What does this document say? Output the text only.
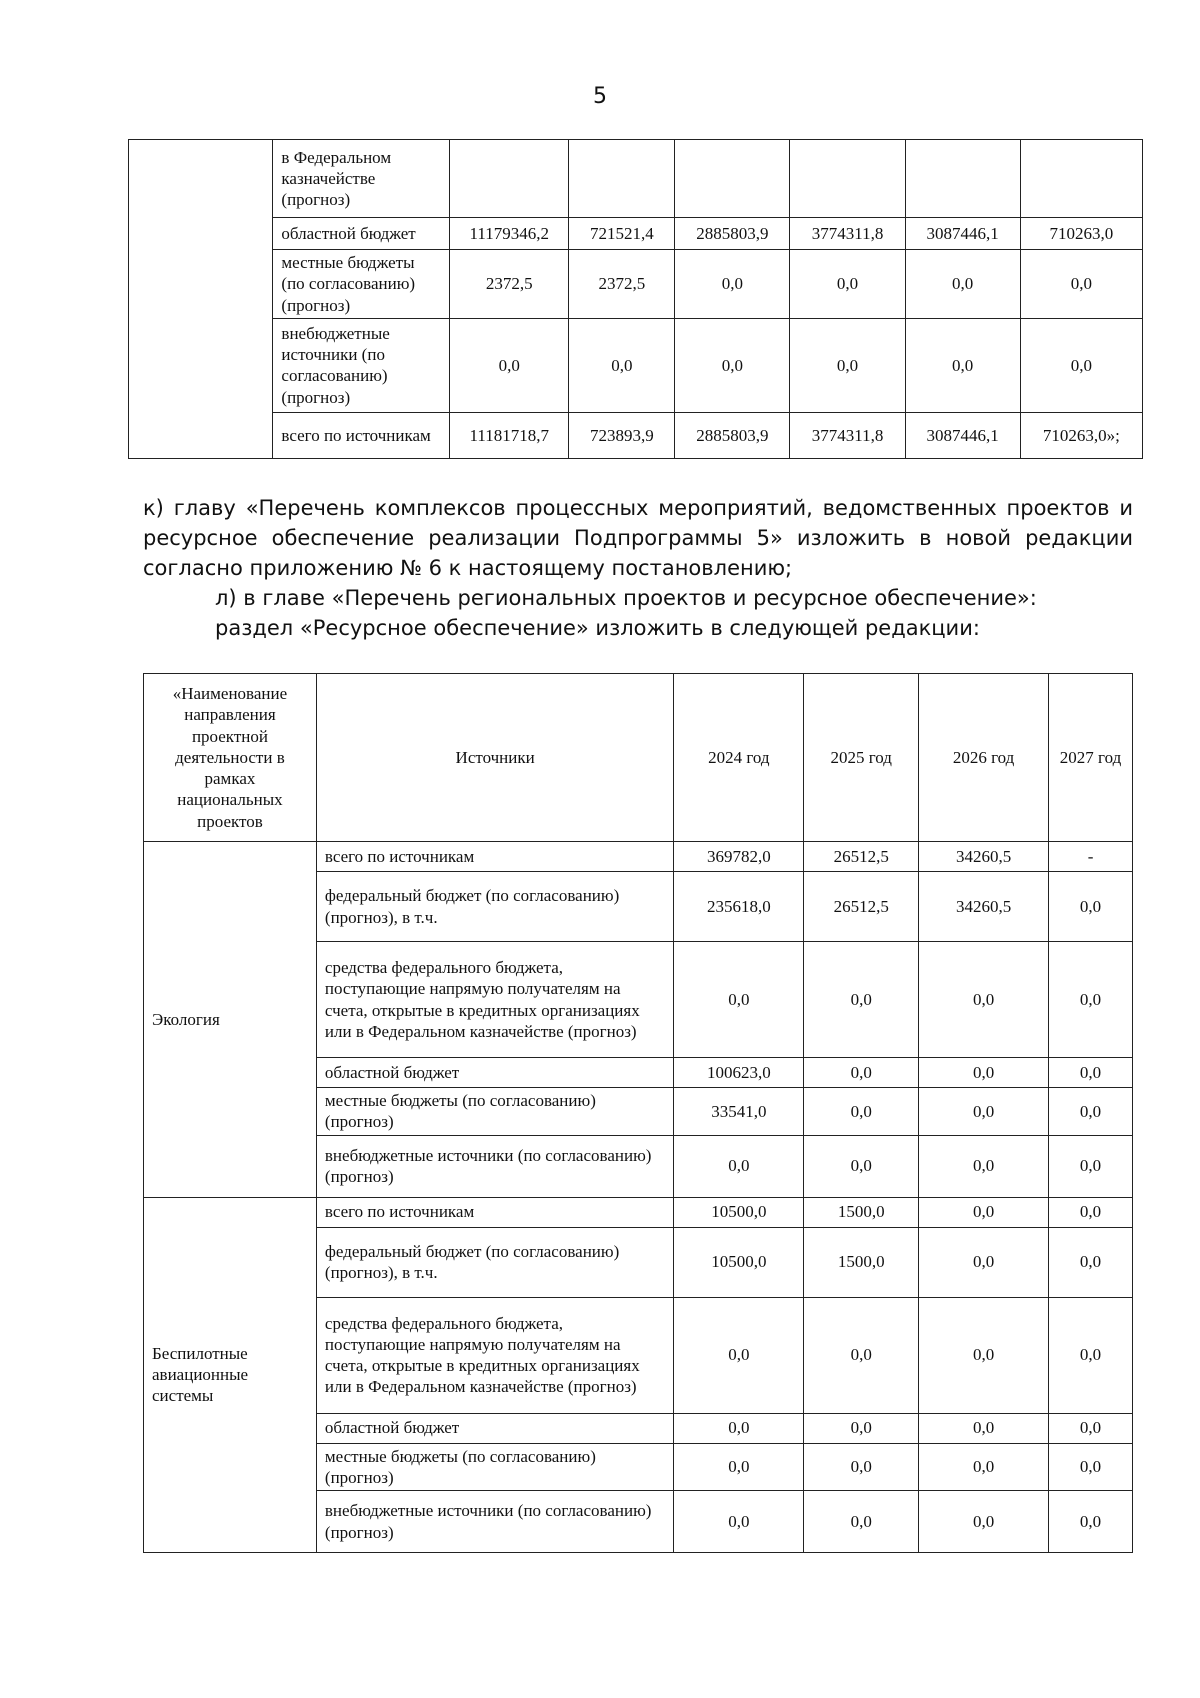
5
	в Федеральном казначействе (прогноз)						
	областной бюджет	11179346,2	721521,4	2885803,9	3774311,8	3087446,1	710263,0
	местные бюджеты (по согласованию) (прогноз)	2372,5	2372,5	0,0	0,0	0,0	0,0
	внебюджетные источники (по согласованию) (прогноз)	0,0	0,0	0,0	0,0	0,0	0,0
	всего по источникам	11181718,7	723893,9	2885803,9	3774311,8	3087446,1	710263,0»;
к) главу «Перечень комплексов процессных мероприятий, ведомственных проектов и ресурсное обеспечение реализации Подпрограммы 5» изложить в новой редакции согласно приложению № 6 к настоящему постановлению;
л) в главе «Перечень региональных проектов и ресурсное обеспечение»:
раздел «Ресурсное обеспечение» изложить в следующей редакции:
«Наименование направления проектной деятельности в рамках национальных проектов	Источники	2024 год	2025 год	2026 год	2027 год
Экология	всего по источникам	369782,0	26512,5	34260,5	-
	федеральный бюджет (по согласованию) (прогноз), в т.ч.	235618,0	26512,5	34260,5	0,0
	средства федерального бюджета, поступающие напрямую получателям на счета, открытые в кредитных организациях или в Федеральном казначействе (прогноз)	0,0	0,0	0,0	0,0
	областной бюджет	100623,0	0,0	0,0	0,0
	местные бюджеты (по согласованию) (прогноз)	33541,0	0,0	0,0	0,0
	внебюджетные источники (по согласованию) (прогноз)	0,0	0,0	0,0	0,0
Беспилотные авиационные системы	всего по источникам	10500,0	1500,0	0,0	0,0
	федеральный бюджет (по согласованию) (прогноз), в т.ч.	10500,0	1500,0	0,0	0,0
	средства федерального бюджета, поступающие напрямую получателям на счета, открытые в кредитных организациях или в Федеральном казначействе (прогноз)	0,0	0,0	0,0	0,0
	областной бюджет	0,0	0,0	0,0	0,0
	местные бюджеты (по согласованию) (прогноз)	0,0	0,0	0,0	0,0
	внебюджетные источники (по согласованию) (прогноз)	0,0	0,0	0,0	0,0
